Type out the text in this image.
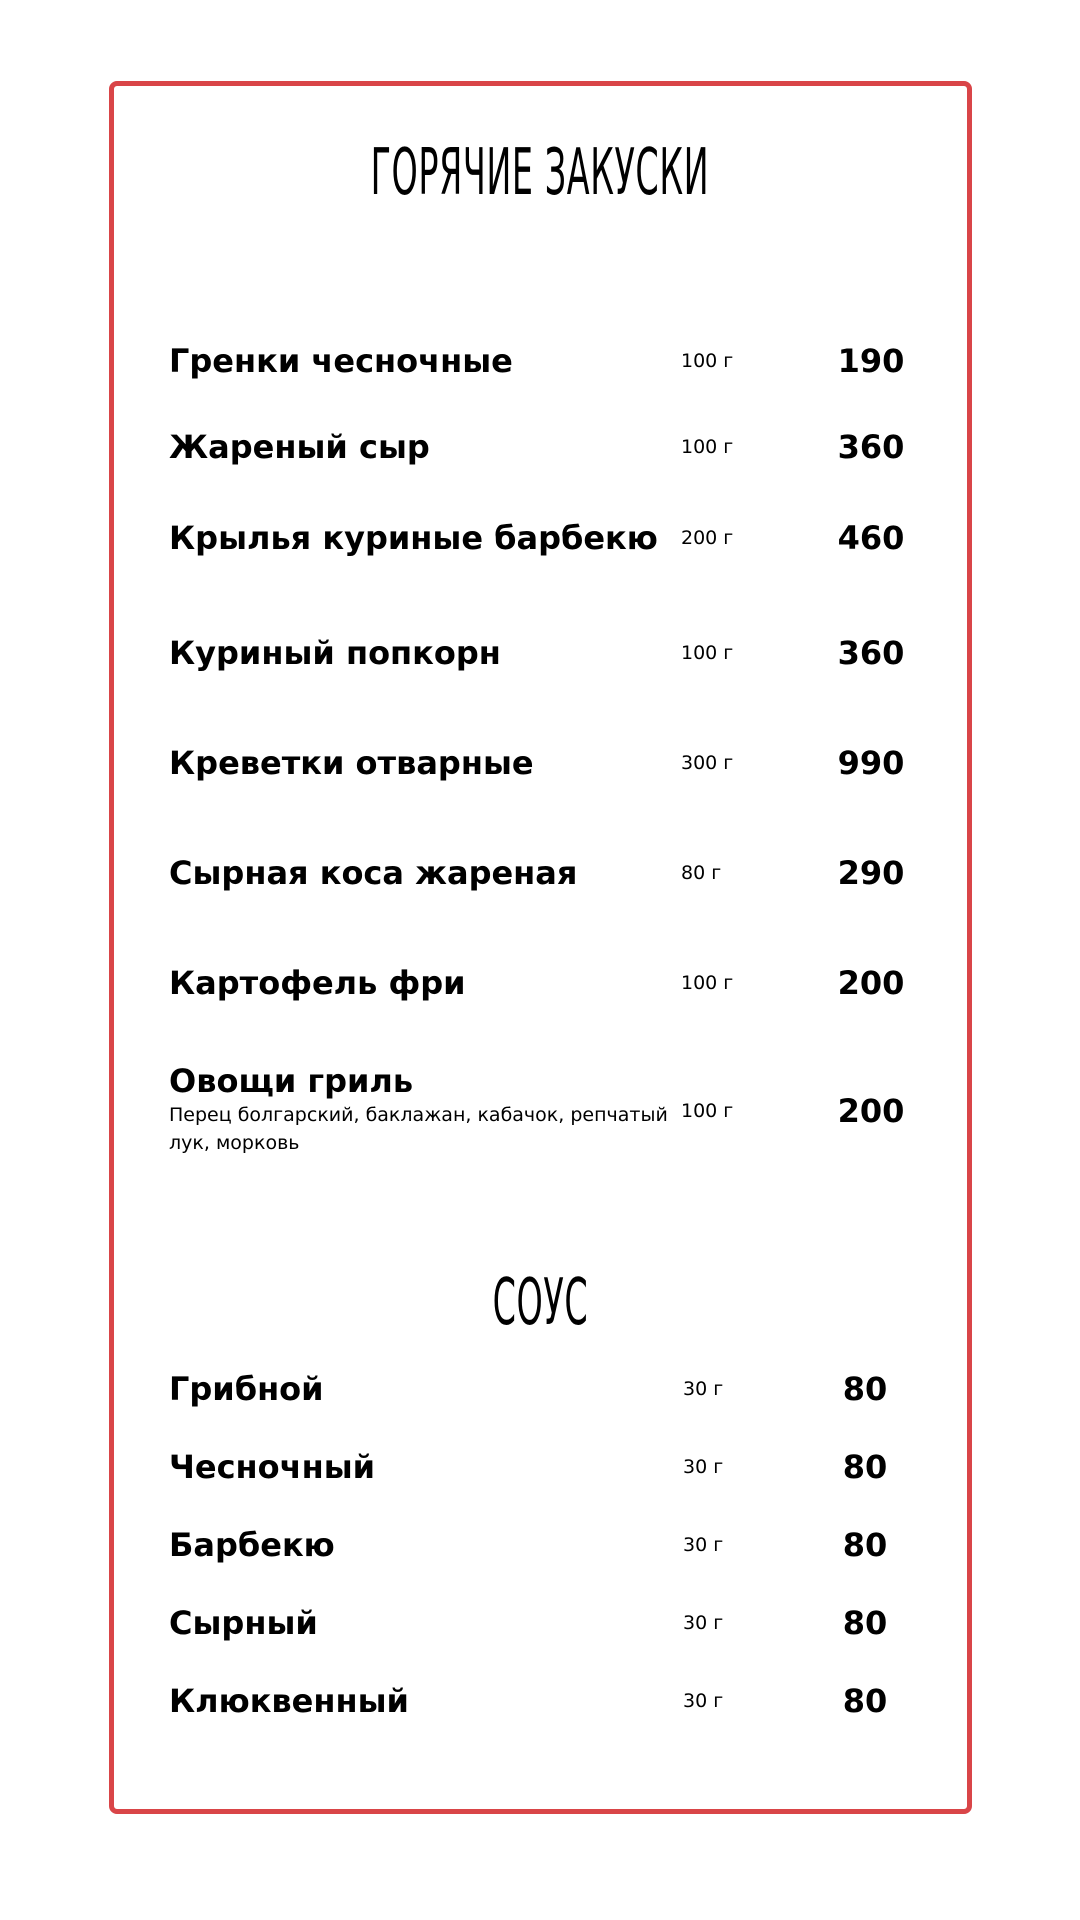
ГОРЯЧИЕ ЗАКУСКИ
Гренки чесночные	100 г	190
Жареный сыр	100 г	360
Крылья куриные барбекю 200 г	460
Куриный попкорн	100 г	360
Креветки отварные	300 г	990
Сырная коса жареная	80 г	290
Картофель фри	100 г	200
Овощи гриль
Перец болгарский, баклажан, кабачок, репчатый лук, морковь
100 г	200
СОУС
Грибной	30 г	80
Чесночный	30 г	80
Барбекю	30 г	80
Сырный	30 г	80
Клюквенный	30 г	80
